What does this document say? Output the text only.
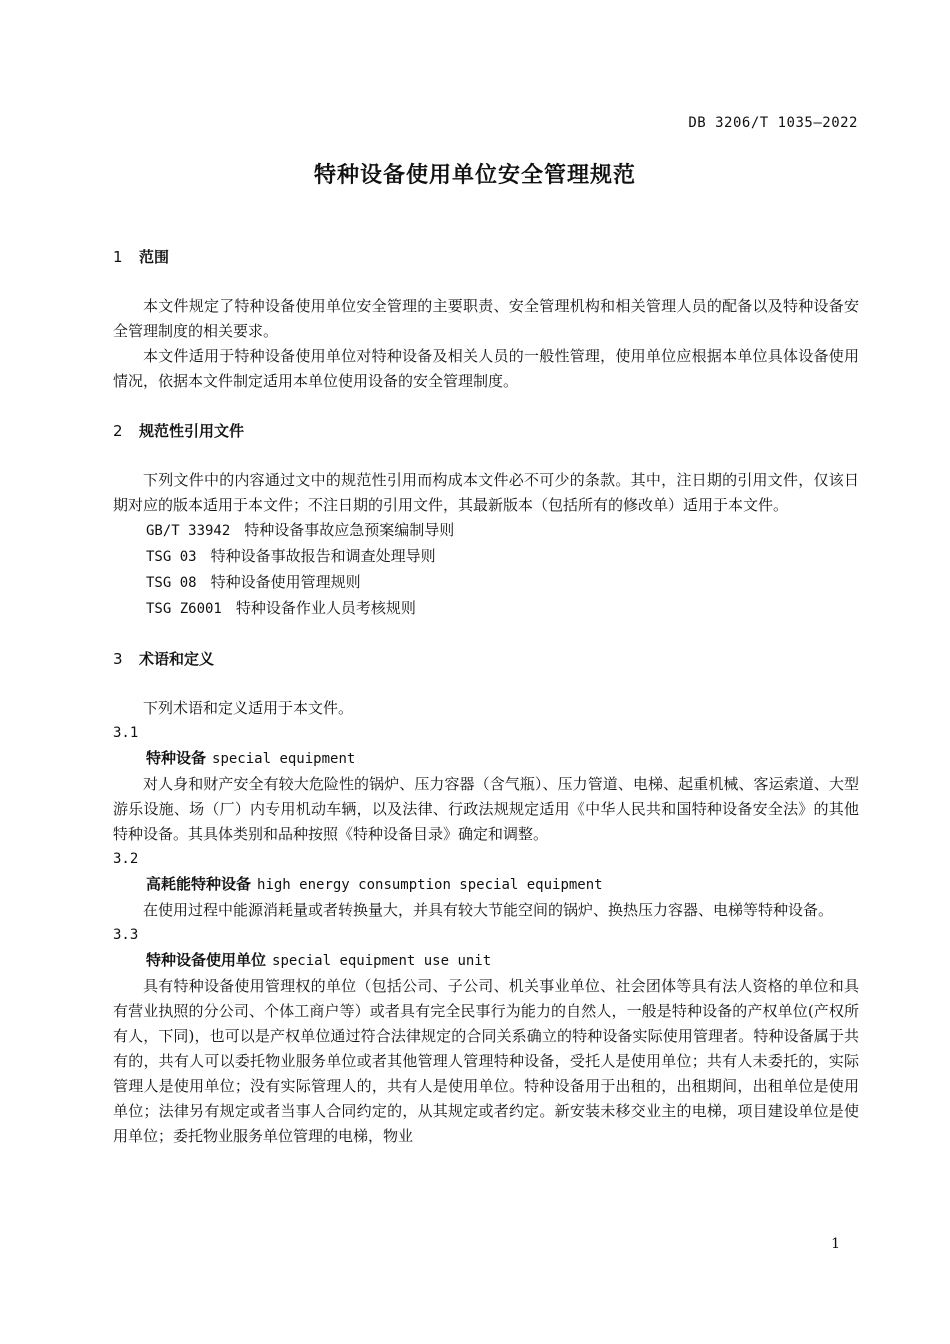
DB 3206/T 1035—2022
特种设备使用单位安全管理规范
1 范围

本文件规定了特种设备使用单位安全管理的主要职责、安全管理机构和相关管理人员的配备以及特种设备安全管理制度的相关要求。

本文件适用于特种设备使用单位对特种设备及相关人员的一般性管理，使用单位应根据本单位具体设备使用情况，依据本文件制定适用本单位使用设备的安全管理制度。

2 规范性引用文件

下列文件中的内容通过文中的规范性引用而构成本文件必不可少的条款。其中，注日期的引用文件，仅该日期对应的版本适用于本文件；不注日期的引用文件，其最新版本（包括所有的修改单）适用于本文件。

GB/T 33942 特种设备事故应急预案编制导则

TSG 03 特种设备事故报告和调查处理导则

TSG 08 特种设备使用管理规则

TSG Z6001 特种设备作业人员考核规则

3 术语和定义

下列术语和定义适用于本文件。

3.1

特种设备 special equipment

对人身和财产安全有较大危险性的锅炉、压力容器（含气瓶）、压力管道、电梯、起重机械、客运索道、大型游乐设施、场（厂）内专用机动车辆，以及法律、行政法规规定适用《中华人民共和国特种设备安全法》的其他特种设备。其具体类别和品种按照《特种设备目录》确定和调整。

3.2

高耗能特种设备 high energy consumption special equipment

在使用过程中能源消耗量或者转换量大，并具有较大节能空间的锅炉、换热压力容器、电梯等特种设备。

3.3

特种设备使用单位 special equipment use unit

具有特种设备使用管理权的单位（包括公司、子公司、机关事业单位、社会团体等具有法人资格的单位和具有营业执照的分公司、个体工商户等）或者具有完全民事行为能力的自然人，一般是特种设备的产权单位(产权所有人，下同)，也可以是产权单位通过符合法律规定的合同关系确立的特种设备实际使用管理者。特种设备属于共有的，共有人可以委托物业服务单位或者其他管理人管理特种设备，受托人是使用单位；共有人未委托的，实际管理人是使用单位；没有实际管理人的，共有人是使用单位。特种设备用于出租的，出租期间，出租单位是使用单位；法律另有规定或者当事人合同约定的，从其规定或者约定。新安装未移交业主的电梯，项目建设单位是使用单位；委托物业服务单位管理的电梯，物业

1
